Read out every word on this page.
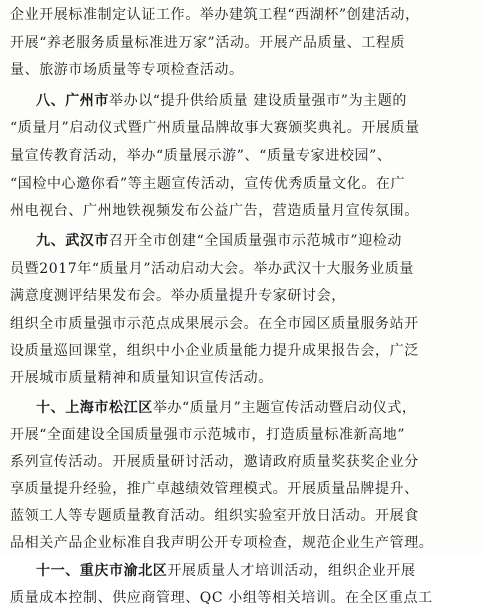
企业开展标准制定认证工作。举办建筑工程“西湖杯”创建活动，
开展“养老服务质量标准进万家”活动。开展产品质量、工程质
量、旅游市场质量等专项检查活动。
八、广州市举办以“提升供给质量 建设质量强市”为主题的
“质量月”启动仪式暨广州质量品牌故事大赛颁奖典礼。开展质量
量宣传教育活动，举办“质量展示游”、“质量专家进校园”、
“国检中心邀你看”等主题宣传活动，宣传优秀质量文化。在广
州电视台、广州地铁视频发布公益广告，营造质量月宣传氛围。
九、武汉市召开全市创建“全国质量强市示范城市”迎检动
员暨2017年“质量月”活动启动大会。举办武汉十大服务业质量
满意度测评结果发布会。举办质量提升专家研讨会，
组织全市质量强市示范点成果展示会。在全市园区质量服务站开
设质量巡回课堂，组织中小企业质量能力提升成果报告会，广泛
开展城市质量精神和质量知识宣传活动。
十、上海市松江区举办“质量月”主题宣传活动暨启动仪式，
开展“全面建设全国质量强市示范城市，打造质量标准新高地”
系列宣传活动。开展质量研讨活动，邀请政府质量奖获奖企业分
享质量提升经验，推广卓越绩效管理模式。开展质量品牌提升、
蓝领工人等专题质量教育活动。组织实验室开放日活动。开展食
品相关产品企业标准自我声明公开专项检查，规范企业生产管理。
十一、重庆市渝北区开展质量人才培训活动，组织企业开展
质量成本控制、供应商管理、QC 小组等相关培训。在全区重点工
